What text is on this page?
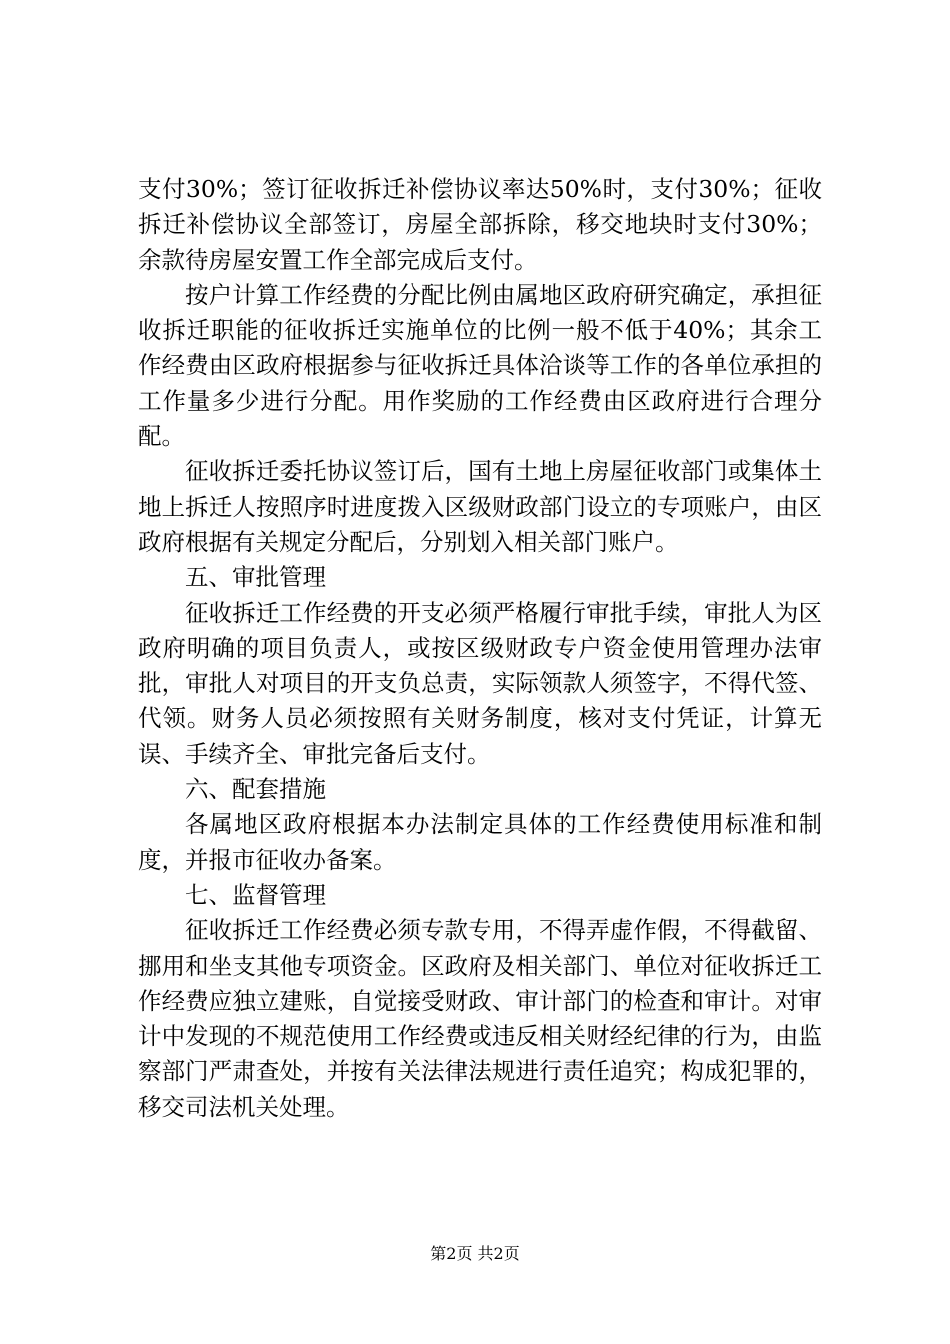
支付30%；签订征收拆迁补偿协议率达50%时，支付30%；征收拆迁补偿协议全部签订，房屋全部拆除，移交地块时支付30%；余款待房屋安置工作全部完成后支付。

按户计算工作经费的分配比例由属地区政府研究确定，承担征收拆迁职能的征收拆迁实施单位的比例一般不低于40%；其余工作经费由区政府根据参与征收拆迁具体洽谈等工作的各单位承担的工作量多少进行分配。用作奖励的工作经费由区政府进行合理分配。

征收拆迁委托协议签订后，国有土地上房屋征收部门或集体土地上拆迁人按照序时进度拨入区级财政部门设立的专项账户，由区政府根据有关规定分配后，分别划入相关部门账户。

五、审批管理

征收拆迁工作经费的开支必须严格履行审批手续，审批人为区政府明确的项目负责人，或按区级财政专户资金使用管理办法审批，审批人对项目的开支负总责，实际领款人须签字，不得代签、代领。财务人员必须按照有关财务制度，核对支付凭证，计算无误、手续齐全、审批完备后支付。

六、配套措施

各属地区政府根据本办法制定具体的工作经费使用标准和制度，并报市征收办备案。

七、监督管理

征收拆迁工作经费必须专款专用，不得弄虚作假，不得截留、挪用和坐支其他专项资金。区政府及相关部门、单位对征收拆迁工作经费应独立建账，自觉接受财政、审计部门的检查和审计。对审计中发现的不规范使用工作经费或违反相关财经纪律的行为，由监察部门严肃查处，并按有关法律法规进行责任追究；构成犯罪的，移交司法机关处理。

第2页 共2页
